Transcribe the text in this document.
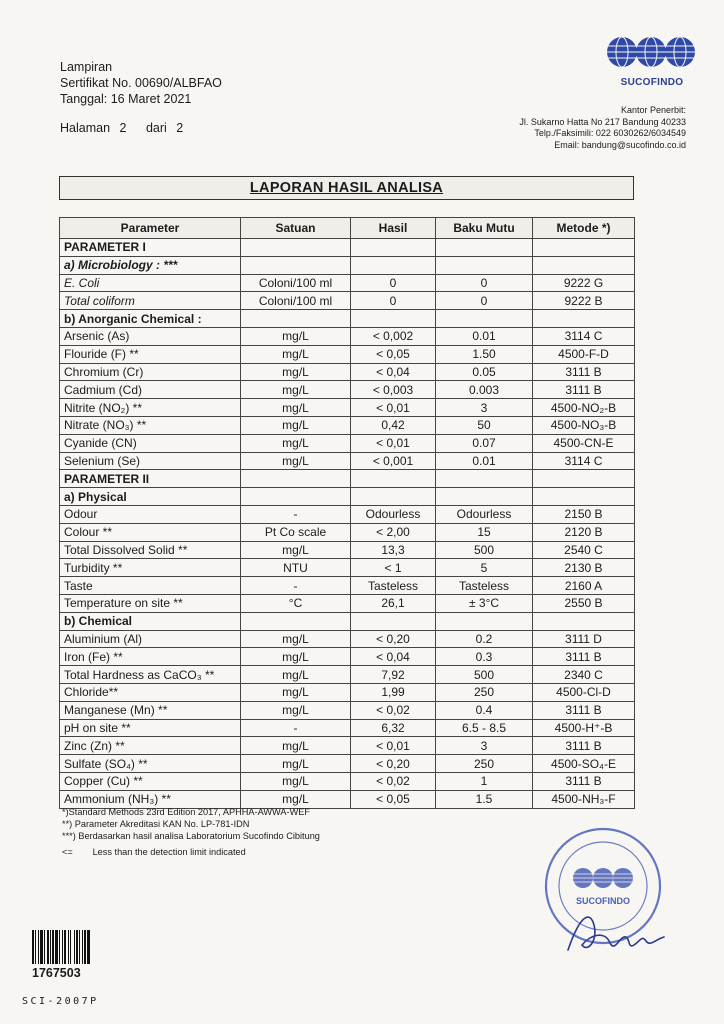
Lampiran
Sertifikat No. 00690/ALBFAO
Tanggal: 16 Maret 2021
Halaman 2 dari 2
SUCOFINDO
Kantor Penerbit:
Jl. Sukarno Hatta No 217 Bandung 40233
Telp./Faksimili: 022 6030262/6034549
Email: bandung@sucofindo.co.id
LAPORAN HASIL ANALISA
Parameter	Satuan	Hasil	Baku Mutu	Metode *)
PARAMETER I				
a) Microbiology : ***				
E. Coli	Coloni/100 ml	0	0	9222 G
Total coliform	Coloni/100 ml	0	0	9222 B
b) Anorganic Chemical :				
Arsenic (As)	mg/L	< 0,002	0.01	3114 C
Flouride (F) **	mg/L	< 0,05	1.50	4500-F-D
Chromium (Cr)	mg/L	< 0,04	0.05	3111 B
Cadmium (Cd)	mg/L	< 0,003	0.003	3111 B
Nitrite (NO₂) **	mg/L	< 0,01	3	4500-NO₂-B
Nitrate (NO₃) **	mg/L	0,42	50	4500-NO₃-B
Cyanide (CN)	mg/L	< 0,01	0.07	4500-CN-E
Selenium (Se)	mg/L	< 0,001	0.01	3114 C
PARAMETER II				
a) Physical				
Odour	-	Odourless	Odourless	2150 B
Colour **	Pt Co scale	< 2,00	15	2120 B
Total Dissolved Solid **	mg/L	13,3	500	2540 C
Turbidity **	NTU	< 1	5	2130 B
Taste	-	Tasteless	Tasteless	2160 A
Temperature on site **	°C	26,1	± 3°C	2550 B
b) Chemical				
Aluminium (Al)	mg/L	< 0,20	0.2	3111 D
Iron (Fe) **	mg/L	< 0,04	0.3	3111 B
Total Hardness as CaCO₃ **	mg/L	7,92	500	2340 C
Chloride**	mg/L	1,99	250	4500-Cl-D
Manganese (Mn) **	mg/L	< 0,02	0.4	3111 B
pH on site **	-	6,32	6.5 - 8.5	4500-H⁺-B
Zinc (Zn) **	mg/L	< 0,01	3	3111 B
Sulfate (SO₄) **	mg/L	< 0,20	250	4500-SO₄-E
Copper (Cu) **	mg/L	< 0,02	1	3111 B
Ammonium (NH₃) **	mg/L	< 0,05	1.5	4500-NH₃-F
*)Standard Methods 23rd Edition 2017, APHHA-AWWA-WEF
**) Parameter Akreditasi KAN No. LP-781-IDN
***) Berdasarkan hasil analisa Laboratorium Sucofindo Cibitung
<= Less than the detection limit indicated
SUCOFINDO
1767503
SCI-2007P
